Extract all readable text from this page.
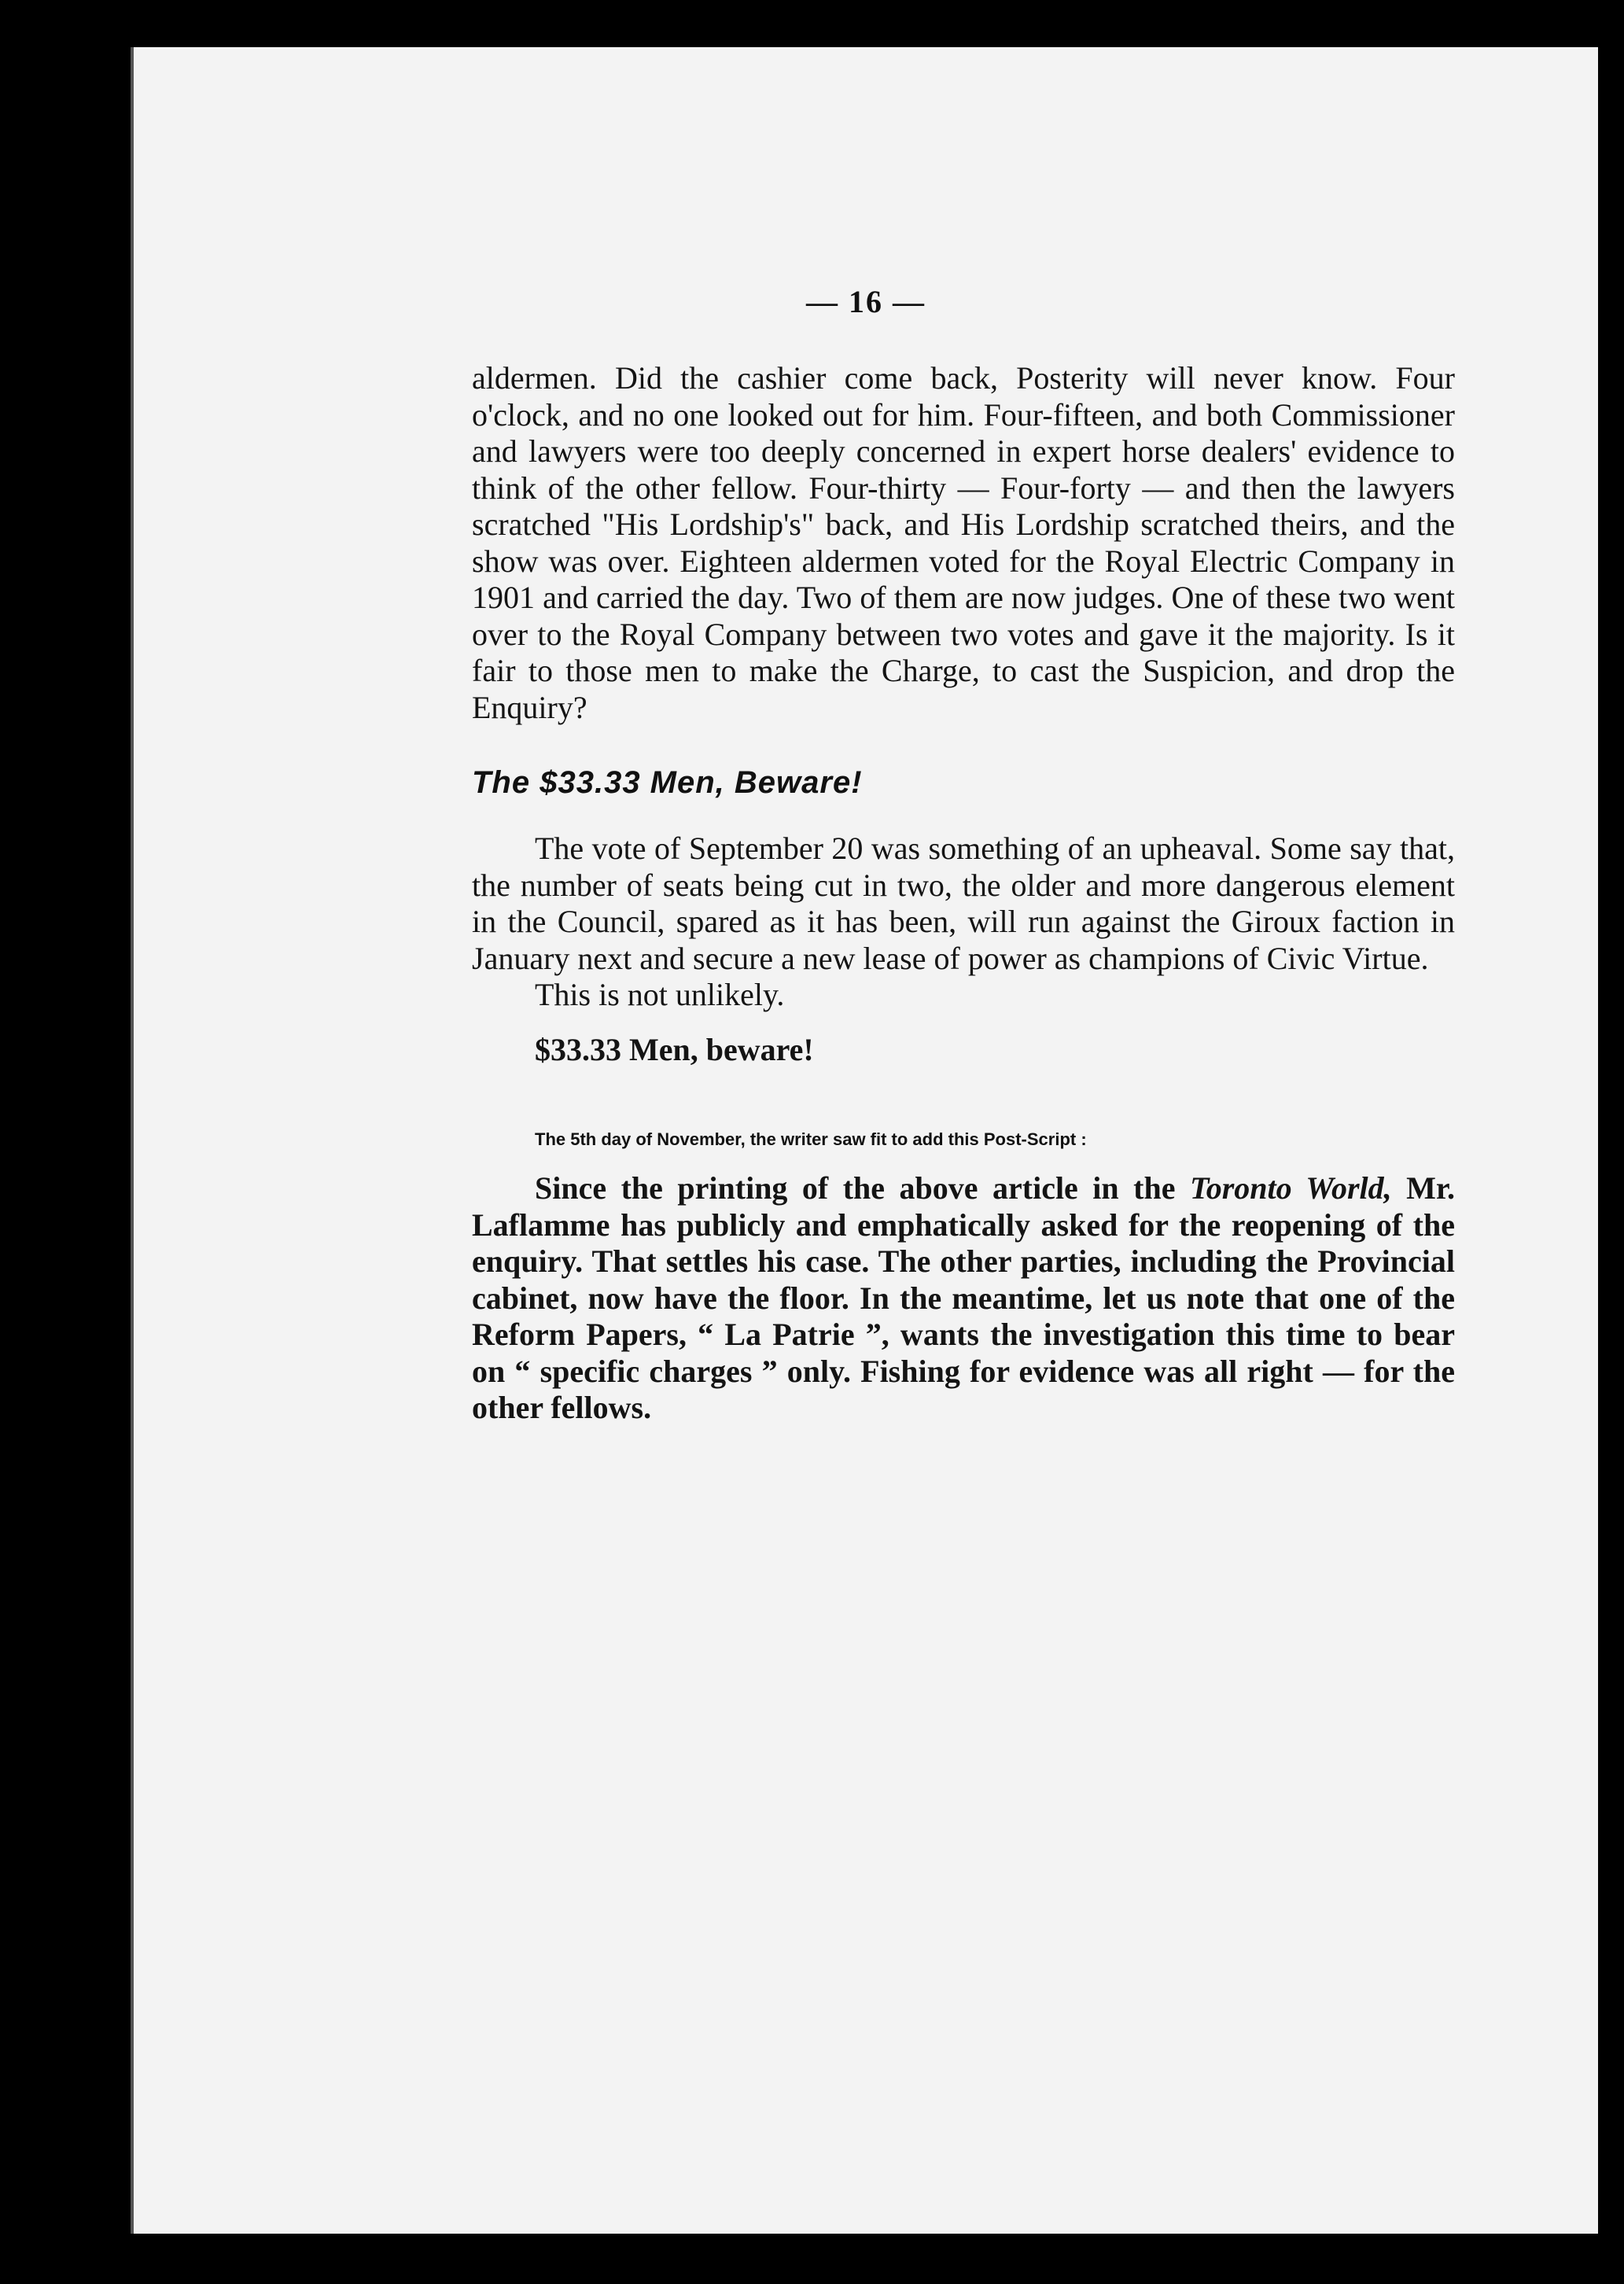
— 16 —

aldermen. Did the cashier come back, Posterity will never know. Four o'clock, and no one looked out for him. Four-fifteen, and both Commissioner and lawyers were too deeply concerned in expert horse dealers' evidence to think of the other fellow. Four-thirty — Four-forty — and then the lawyers scratched "His Lordship's" back, and His Lordship scratched theirs, and the show was over. Eighteen aldermen voted for the Royal Electric Company in 1901 and carried the day. Two of them are now judges. One of these two went over to the Royal Company between two votes and gave it the majority. Is it fair to those men to make the Charge, to cast the Suspicion, and drop the Enquiry?

The $33.33 Men, Beware!

The vote of September 20 was something of an upheaval. Some say that, the number of seats being cut in two, the older and more dangerous element in the Council, spared as it has been, will run against the Giroux faction in January next and secure a new lease of power as champions of Civic Virtue.

This is not unlikely.

$33.33 Men, beware!

The 5th day of November, the writer saw fit to add this Post-Script :

Since the printing of the above article in the Toronto World, Mr. Laflamme has publicly and emphatically asked for the reopening of the enquiry. That settles his case. The other parties, including the Provincial cabinet, now have the floor. In the meantime, let us note that one of the Reform Papers, “ La Patrie ”, wants the investigation this time to bear on “ specific charges ” only. Fishing for evidence was all right — for the other fellows.
